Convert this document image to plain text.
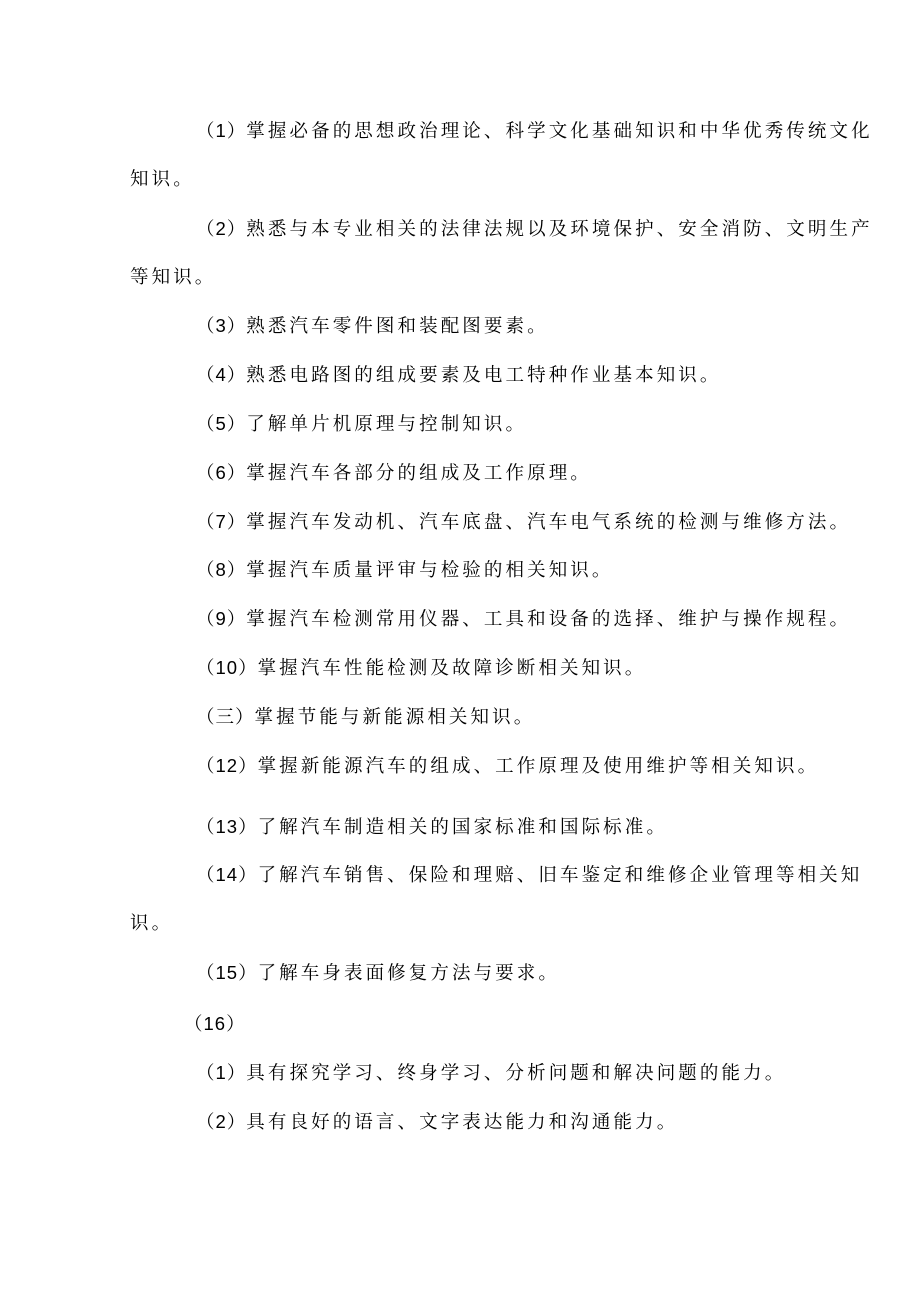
（1）掌握必备的思想政治理论、科学文化基础知识和中华优秀传统文化
知识。
（2）熟悉与本专业相关的法律法规以及环境保护、安全消防、文明生产
等知识。
（3）熟悉汽车零件图和装配图要素。
（4）熟悉电路图的组成要素及电工特种作业基本知识。
（5）了解单片机原理与控制知识。
（6）掌握汽车各部分的组成及工作原理。
（7）掌握汽车发动机、汽车底盘、汽车电气系统的检测与维修方法。
（8）掌握汽车质量评审与检验的相关知识。
（9）掌握汽车检测常用仪器、工具和设备的选择、维护与操作规程。
（10）掌握汽车性能检测及故障诊断相关知识。
（三）掌握节能与新能源相关知识。
（12）掌握新能源汽车的组成、工作原理及使用维护等相关知识。
（13）了解汽车制造相关的国家标准和国际标准。
（14）了解汽车销售、保险和理赔、旧车鉴定和维修企业管理等相关知
识。
（15）了解车身表面修复方法与要求。
（16）
（1）具有探究学习、终身学习、分析问题和解决问题的能力。
（2）具有良好的语言、文字表达能力和沟通能力。
